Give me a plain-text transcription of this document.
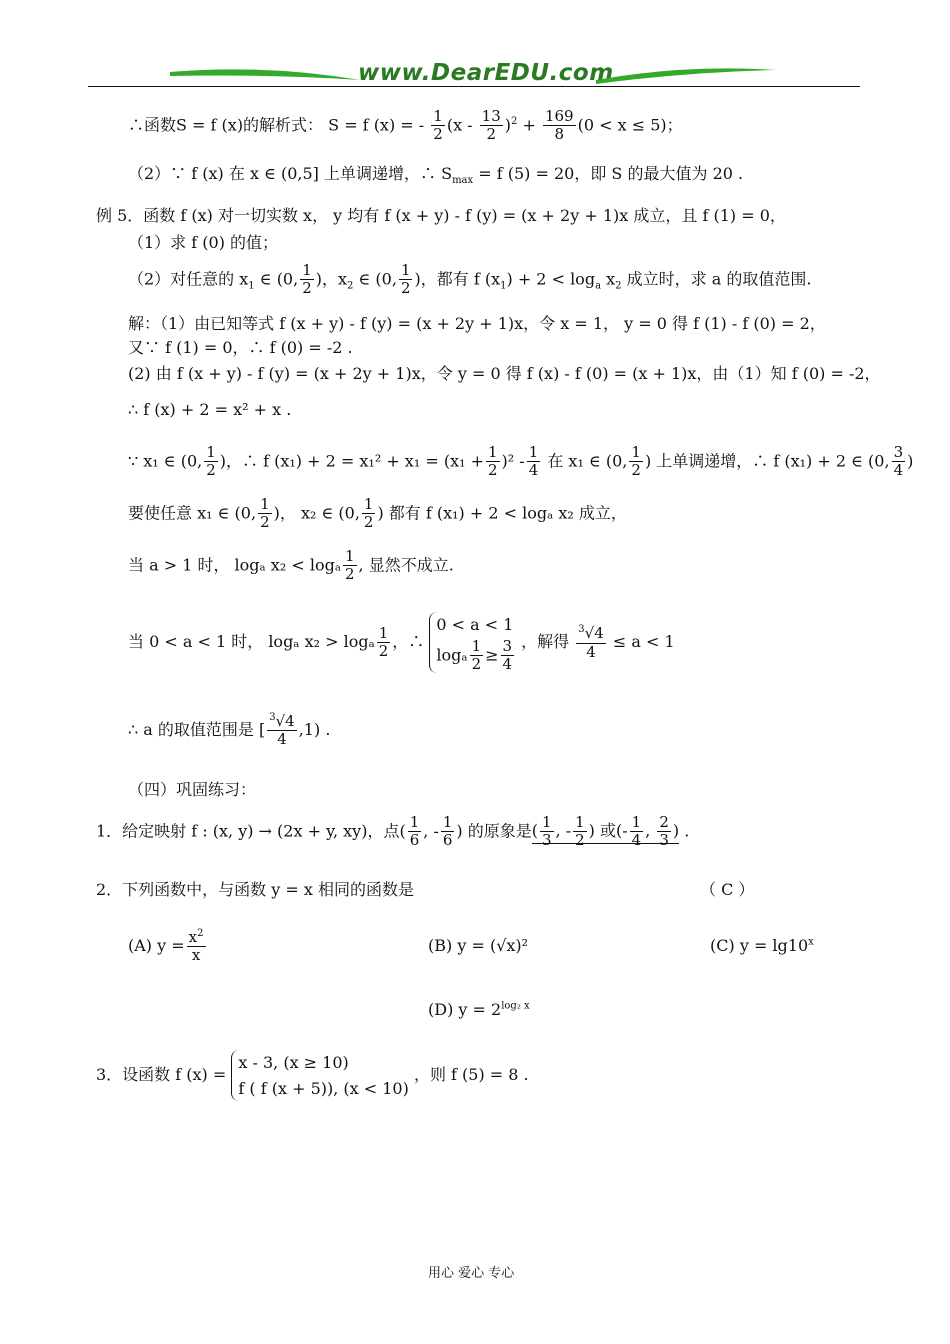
www.DearEDU.com
∴函数S = f (x)的解析式： S = f (x) = - $\frac{1}{2} (x - \frac{13}{2} )^2 + \frac{169}{8} (0 < x \le 5)$；
（2）∵ f (x) 在 x ∈ (0,5] 上单调递增，∴ $S_{max} = f$ (5) = 20，即 S 的最大值为 20 .
例 5．函数 f (x) 对一切实数 x， y 均有 f (x + y) - f (y) = (x + 2y + 1)x 成立，且 f (1) = 0，
（1）求 f (0) 的值；
（2）对任意的 $x_1$ ∈ (0, $\frac{1}{2}$ )，$x_2$ ∈ (0, $\frac{1}{2}$ )，都有 f $(x_1) + 2 < \log_a x_2$ 成立时，求 a 的取值范围.
解：（1）由已知等式 f (x + y) - f (y) = (x + 2y + 1)x，令 x = 1， y = 0 得 f (1) - f (0) = 2，
又∵ f (1) = 0，∴ f (0) = -2 .
(2) 由 f (x + y) - f (y) = (x + 2y + 1)x，令 y = 0 得 f (x) - f (0) = (x + 1)x，由（1）知 f (0) = -2，
∴ f (x) + 2 = x² + x .
∵ x₁ ∈ (0, $\frac{1}{2}$ )，∴ f $(x_1) + 2 = x_1^2 + x_1 = (x_1 + \frac{1}{2} )^2 - \frac{1}{4}$ 在 x₁ ∈ (0, $\frac{1}{2}$ ) 上单调递增，∴ f (x₁) + 2 ∈ (0, $\frac{3}{4}$ )
要使任意 x₁ ∈ (0, $\frac{1}{2}$ )， x₂ ∈ (0, $\frac{1}{2}$ ) 都有 f (x₁) + 2 < logₐ x₂ 成立，
当 a > 1 时， logₐ x₂ < logₐ $\frac{1}{2}$ , 显然不成立.
当 0 < a < 1 时， logₐ x₂ > logₐ $\frac{1}{2}$ ，∴
0 < a < 1
logₐ $\frac{1}{2} \ge \frac{3}{4}$ ，解得 $\frac{^3√4}{4} \le a < 1$
∴ a 的取值范围是 [ $\frac{^3√4}{4} ,1$) .
（四）巩固练习：
1．给定映射 f : (x, y) → (2x + y, xy)，点( $\frac{1}{6}$ , - $\frac{1}{6}$ ) 的原象是( $\frac{1}{3}$ , - $\frac{1}{2}$ ) 或(- $\frac{1}{4}$ , $\frac{2}{3}$ ) .
2．下列函数中，与函数 y = x 相同的函数是	（ C ）
(A) $y = \frac{x^2}{x}$	(B) y = (√x)²	(C) $y = \lg 10^x$
(D) $y = 2^{log_2 x}$
3．设函数 f (x) =
x - 3, (x ≥ 10)
f ( f (x + 5)), (x < 10)
，则 f (5) = 8 .
用心 爱心 专心
